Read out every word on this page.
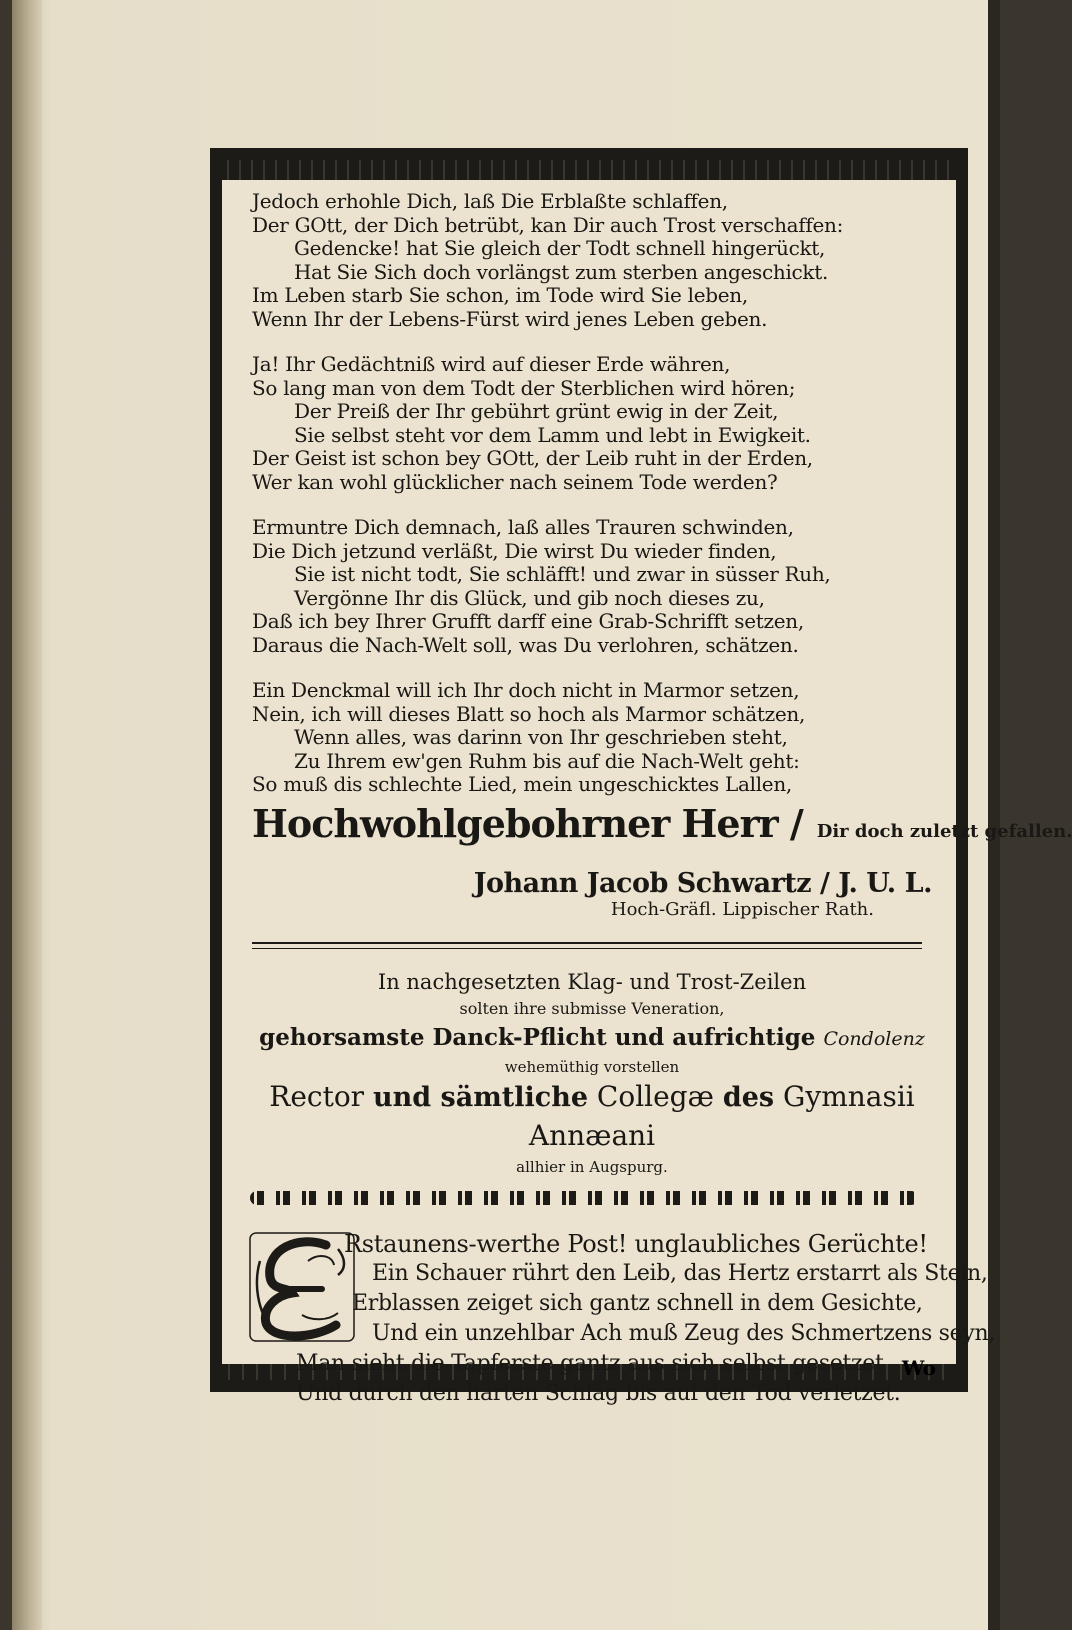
Jedoch erhohle Dich, laß Die Erblaßte schlaffen,
Der GOtt, der Dich betrübt, kan Dir auch Trost verschaffen:
Gedencke! hat Sie gleich der Todt schnell hingerückt,
Hat Sie Sich doch vorlängst zum sterben angeschickt.
Im Leben starb Sie schon, im Tode wird Sie leben,
Wenn Ihr der Lebens-Fürst wird jenes Leben geben.
Ja! Ihr Gedächtniß wird auf dieser Erde währen,
So lang man von dem Todt der Sterblichen wird hören;
Der Preiß der Ihr gebührt grünt ewig in der Zeit,
Sie selbst steht vor dem Lamm und lebt in Ewigkeit.
Der Geist ist schon bey GOtt, der Leib ruht in der Erden,
Wer kan wohl glücklicher nach seinem Tode werden?
Ermuntre Dich demnach, laß alles Trauren schwinden,
Die Dich jetzund verläßt, Die wirst Du wieder finden,
Sie ist nicht todt, Sie schläfft! und zwar in süsser Ruh,
Vergönne Ihr dis Glück, und gib noch dieses zu,
Daß ich bey Ihrer Grufft darff eine Grab-Schrifft setzen,
Daraus die Nach-Welt soll, was Du verlohren, schätzen.
Ein Denckmal will ich Ihr doch nicht in Marmor setzen,
Nein, ich will dieses Blatt so hoch als Marmor schätzen,
Wenn alles, was darinn von Ihr geschrieben steht,
Zu Ihrem ew'gen Ruhm bis auf die Nach-Welt geht:
So muß dis schlechte Lied, mein ungeschicktes Lallen,
Hochwohlgebohrner Herr / Dir doch zuletzt gefallen.
Johann Jacob Schwartz / J. U. L.
Hoch-Gräfl. Lippischer Rath.
In nachgesetzten Klag- und Trost-Zeilen
solten ihre submisse Veneration,
gehorsamste Danck-Pflicht und aufrichtige Condolenz
wehemüthig vorstellen
Rector und sämtliche Collegæ des Gymnasii Annæani
allhier in Augspurg.
Rstaunens-werthe Post! unglaubliches Gerüchte!
Ein Schauer rührt den Leib, das Hertz erstarrt als Stein,
Erblassen zeiget sich gantz schnell in dem Gesichte,
Und ein unzehlbar Ach muß Zeug des Schmertzens seyn,
Man sieht die Tapferste gantz aus sich selbst gesetzet
Und durch den harten Schlag bis auf den Tod verletzet.
Wo
